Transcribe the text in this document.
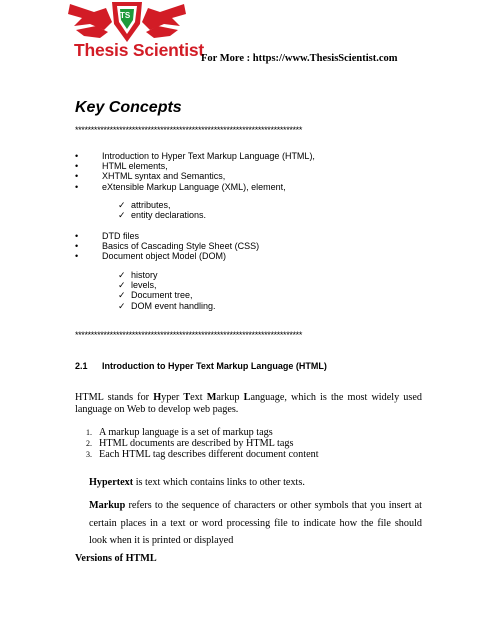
TS
Thesis Scientist
For More : https://www.ThesisScientist.com
Key Concepts
************************************************************************
•	Introduction to Hyper Text Markup Language (HTML),
•	HTML elements,
•	XHTML syntax and Semantics,
•	eXtensible Markup Language (XML), element,
✓ attributes,
✓ entity declarations.
•	DTD files
•	Basics of Cascading Style Sheet (CSS)
•	Document object Model (DOM)
✓ history
✓ levels,
✓ Document tree,
✓ DOM event handling.
************************************************************************
2.1 Introduction to Hyper Text Markup Language (HTML)

HTML stands for Hyper Text Markup Language, which is the most widely used language on Web to develop web pages.

1. A markup language is a set of markup tags
2. HTML documents are described by HTML tags
3. Each HTML tag describes different document content

Hypertext is text which contains links to other texts.

Markup refers to the sequence of characters or other symbols that you insert at certain places in a text or word processing file to indicate how the file should look when it is printed or displayed

Versions of HTML
